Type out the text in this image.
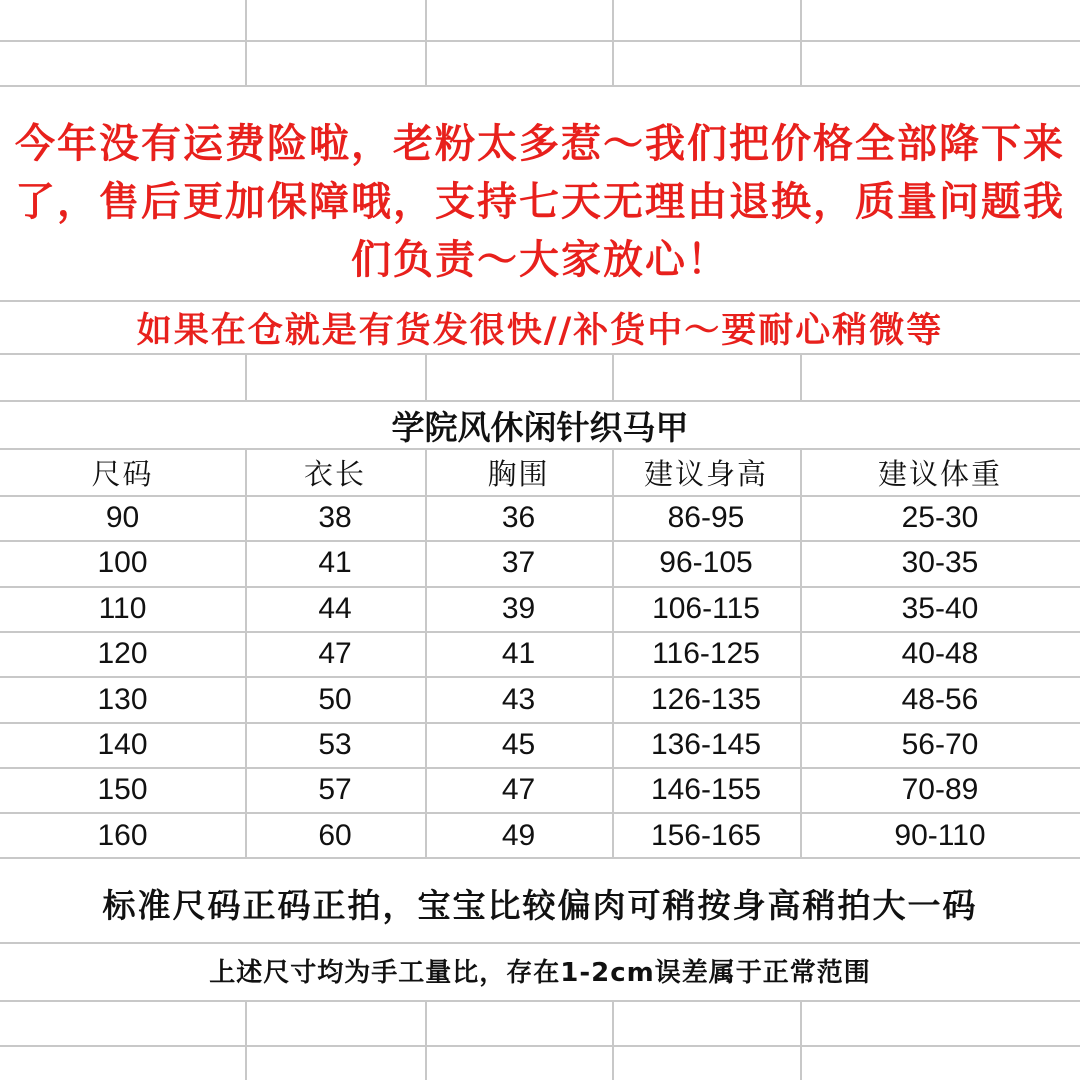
今年没有运费险啦，老粉太多惹～我们把价格全部降下来了，售后更加保障哦，支持七天无理由退换，质量问题我们负责～大家放心！
如果在仓就是有货发很快//补货中～要耐心稍微等
学院风休闲针织马甲
尺码	衣长	胸围	建议身高	建议体重
90	38	36	86-95	25-30
100	41	37	96-105	30-35
110	44	39	106-115	35-40
120	47	41	116-125	40-48
130	50	43	126-135	48-56
140	53	45	136-145	56-70
150	57	47	146-155	70-89
160	60	49	156-165	90-110
标准尺码正码正拍，宝宝比较偏肉可稍按身高稍拍大一码
上述尺寸均为手工量比，存在1-2cm误差属于正常范围
